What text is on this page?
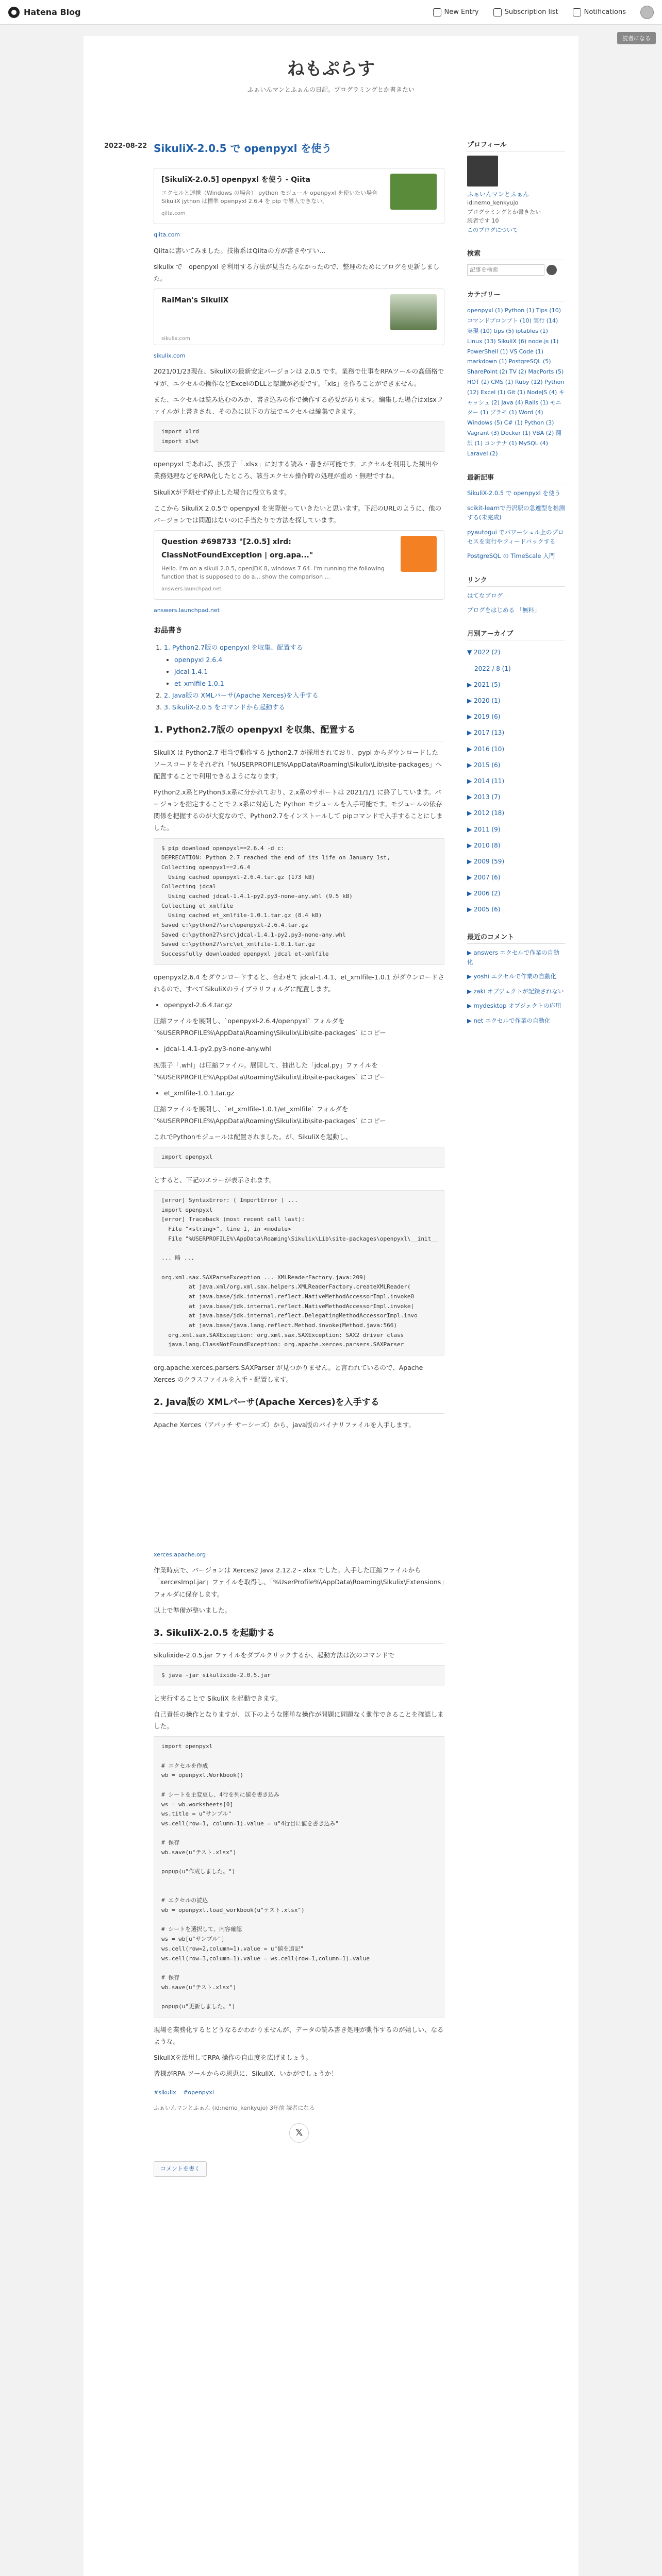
Hatena Blog	New Entry	Subscription list	Notifications
読者になる
ねもぷらす
ふぁいんマンとふぁんの日記。プログラミングとか書きたい
2022-08-22 SikuliX-2.0.5 で openpyxl を使う
[SikuliX-2.0.5] openpyxl を使う - Qiita
エクセルと連携（Windows の場合） python モジュール openpyxl を使いたい場合 SikuliX jython は標準 openpyxl 2.6.4 を pip で導入できない。
qiita.com
qiita.com

Qiitaに書いてみました。技術系はQiitaの方が書きやすい…

sikulix で　openpyxl を利用する方法が見当たらなかったので、整理のためにブログを更新しました。

RaiMan's SikuliX
sikulix.com
sikulix.com

2021/01/23現在、SikuliXの最新安定バージョンは 2.0.5 です。業務で仕事をRPAツールの高価格ですが、エクセルの操作などExcelのDLLと認識が必要です。「xls」を作ることができません。

また、エクセルは読み込むのみか、書き込みの作で操作する必要があります。編集した場合はxlsxファイルが上書きされ、その為に以下の方法でエクセルは編集できます。

import xlrd
import xlwt

openpyxl であれば、拡張子「.xlsx」に対する読み・書きが可能です。エクセルを利用した頻出や業務処理などをRPA化したところ、該当エクセル操作時の処理が重め・無理ですね。

SikuliXが予期せず停止した場合に役立ちます。

ここから SikuliX 2.0.5で openpyxl を実際使っていきたいと思います。下記のURLのように、他のバージョンでは問題はないのに手当たりで方法を探しています。

Question #698733 "[2.0.5] xlrd: ClassNotFoundException | org.apa..."
Hello. I'm on a sikuli 2.0.5, openJDK 8, windows 7 64. I'm running the following function that is supposed to do a... show the comparison ...
answers.launchpad.net
answers.launchpad.net
お品書き
1. 1. Python2.7版の openpyxl を収集、配置する
• openpyxl 2.6.4
• jdcal 1.4.1
• et_xmlfile 1.0.1
2. 2. Java版の XMLパーサ(Apache Xerces)を入手する
3. 3. SikuliX-2.0.5 をコマンドから起動する
1. Python2.7版の openpyxl を収集、配置する

SikuliX は Python2.7 相当で動作する jython2.7 が採用されており、pypi からダウンロードしたソースコードをそれぞれ「%USERPROFILE%\AppData\Roaming\Sikulix\Lib\site-packages」へ配置することで利用できるようになります。

Python2.x系とPython3.x系に分かれており、2.x系のサポートは 2021/1/1 に終了しています。バージョンを指定することで 2.x系に対応した Python モジュールを入手可能です。モジュールの依存関係を把握するのが大変なので、Python2.7をインストールして pipコマンドで入手することにしました。

$ pip download openpyxl==2.6.4 -d c:
DEPRECATION: Python 2.7 reached the end of its life on January 1st,
Collecting openpyxl==2.6.4
Using cached openpyxl-2.6.4.tar.gz (173 kB)
Collecting jdcal
Using cached jdcal-1.4.1-py2.py3-none-any.whl (9.5 kB)
Collecting et_xmlfile
Using cached et_xmlfile-1.0.1.tar.gz (8.4 kB)
Saved c:\python27\src\openpyxl-2.6.4.tar.gz
Saved c:\python27\src\jdcal-1.4.1-py2.py3-none-any.whl
Saved c:\python27\src\et_xmlfile-1.0.1.tar.gz
Successfully downloaded openpyxl jdcal et-xmlfile

openpyxl2.6.4 をダウンロードすると、合わせて jdcal-1.4.1、et_xmlfile-1.0.1 がダウンロードされるので、すべてSikuliXのライブラリフォルダに配置します。

• openpyxl-2.6.4.tar.gz

圧縮ファイルを展開し、`openpyxl-2.6.4/openpyxl` フォルダを `%USERPROFILE%\AppData\Roaming\Sikulix\Lib\site-packages` にコピー

• jdcal-1.4.1-py2.py3-none-any.whl

拡張子「.whl」は圧縮ファイル。展開して、抽出した「jdcal.py」ファイルを `%USERPROFILE%\AppData\Roaming\Sikulix\Lib\site-packages` にコピー

• et_xmlfile-1.0.1.tar.gz

圧縮ファイルを展開し、`et_xmlfile-1.0.1/et_xmlfile` フォルダを `%USERPROFILE%\AppData\Roaming\Sikulix\Lib\site-packages` にコピー

これでPythonモジュールは配置されました。が、SikuliXを起動し、

import openpyxl

とすると、下記のエラーが表示されます。

[error] SyntaxError: ( ImportError ) ...
import openpyxl
[error] Traceback (most recent call last):
File "<string>", line 1, in <module>
File "%USERPROFILE%\AppData\Roaming\Sikulix\Lib\site-packages\openpyxl\__init__

... 略 ...

org.xml.sax.SAXParseException ... XMLReaderFactory.java:209)
at java.xml/org.xml.sax.helpers.XMLReaderFactory.createXMLReader(
at java.base/jdk.internal.reflect.NativeMethodAccessorImpl.invoke0
at java.base/jdk.internal.reflect.NativeMethodAccessorImpl.invoke(
at java.base/jdk.internal.reflect.DelegatingMethodAccessorImpl.invo
at java.base/java.lang.reflect.Method.invoke(Method.java:566)
org.xml.sax.SAXException: org.xml.sax.SAXException: SAX2 driver class
java.lang.ClassNotFoundException: org.apache.xerces.parsers.SAXParser

org.apache.xerces.parsers.SAXParser が見つかりません。と言われているので、Apache Xerces のクラスファイルを入手・配置します。

2. Java版の XMLパーサ(Apache Xerces)を入手する

Apache Xerces（アパッチ サーシーズ）から、java版のバイナリファイルを入手します。

xerces.apache.org

作業時点で、バージョンは Xerces2 Java 2.12.2 - xlxx でした。入手した圧縮ファイルから「xercesImpl.jar」ファイルを取得し、「%UserProfile%\AppData\Roaming\Sikulix\Extensions」フォルダに保存します。

以上で準備が整いました。

3. SikuliX-2.0.5 を起動する

sikulixide-2.0.5.jar ファイルをダブルクリックするか、起動方法は次のコマンドで

$ java -jar sikulixide-2.0.5.jar

と実行することで SikuliX を起動できます。

自己責任の操作となりますが、以下のような簡単な操作が問題に問題なく動作できることを確認しました。

import openpyxl

# エクセルを作成
wb = openpyxl.Workbook()

# シートを主変更し、4行を列に値を書き込み
ws = wb.worksheets[0]
ws.title = u"サンプル"
ws.cell(row=1, column=1).value = u"4行目に値を書き込み"

# 保存
wb.save(u"テスト.xlsx")

popup(u"作成しました。")

# エクセルの読込
wb = openpyxl.load_workbook(u"テスト.xlsx")

# シートを選択して、内容確認
ws = wb[u"サンプル"]
ws.cell(row=2,column=1).value = u"値を追記"
ws.cell(row=3,column=1).value = ws.cell(row=1,column=1).value

# 保存
wb.save(u"テスト.xlsx")

popup(u"更新しました。")

現場を業務化するとどうなるかわかりませんが、データの読み書き処理が動作するのが嬉しい、なるような。

SikuliXを活用してRPA 操作の自由度を広げましょう。

皆様がRPA ツールからの恩恵に、SikuliX、いかがでしょうか！

#sikulix #openpyxl
ふぁいんマンとふぁん (id:nemo_kenkyujo) 3年前 読者になる
𝕏
コメントを書く

プロフィール
ふぁいんマンとふぁん
id:nemo_kenkyujo
プログラミングとか書きたい
読者です 10
このブログについて
検索
記事を検索
カテゴリー
openpyxl (1) Python (1) Tips (10) コマンドプロンプト (10) 実行 (14) 実現 (10) tips (5) iptables (1) Linux (13) SikuliX (6) node.js (1) PowerShell (1) VS Code (1) markdown (1) PostgreSQL (5) SharePoint (2) TV (2) MacPorts (5) HOT (2) CMS (1) Ruby (12) Python (12) Excel (1) Git (1) NodeJS (4) キャッシュ (2) Java (4) Rails (1) モニター (1) プラモ (1) Word (4) Windows (5) C# (1) Python (3) Vagrant (3) Docker (1) VBA (2) 翻訳 (1) コンテナ (1) MySQL (4) Laravel (2)
最新記事
SikuliX-2.0.5 で openpyxl を使う
scikit-learnで丹沢駅の急遽型を推測する(未完成)
pyautogui でパワーシェル上のプロセスを実行やフィードバックする
PostgreSQL の TimeScale 入門
リンク
はてなブログ
ブログをはじめる 「無料」
月別アーカイブ
▼ 2022 (2)
2022 / 8 (1)
▶ 2021 (5)
▶ 2020 (1)
▶ 2019 (6)
▶ 2017 (13)
▶ 2016 (10)
▶ 2015 (6)
▶ 2014 (11)
▶ 2013 (7)
▶ 2012 (18)
▶ 2011 (9)
▶ 2010 (8)
▶ 2009 (59)
▶ 2007 (6)
▶ 2006 (2)
▶ 2005 (6)
最近のコメント
▶ answers エクセルで作業の自動化
▶ yoshi エクセルで作業の自動化
▶ zaki オブジェクトが記録されない
▶ mydesktop オブジェクトの応用
▶ net エクセルで作業の自動化
